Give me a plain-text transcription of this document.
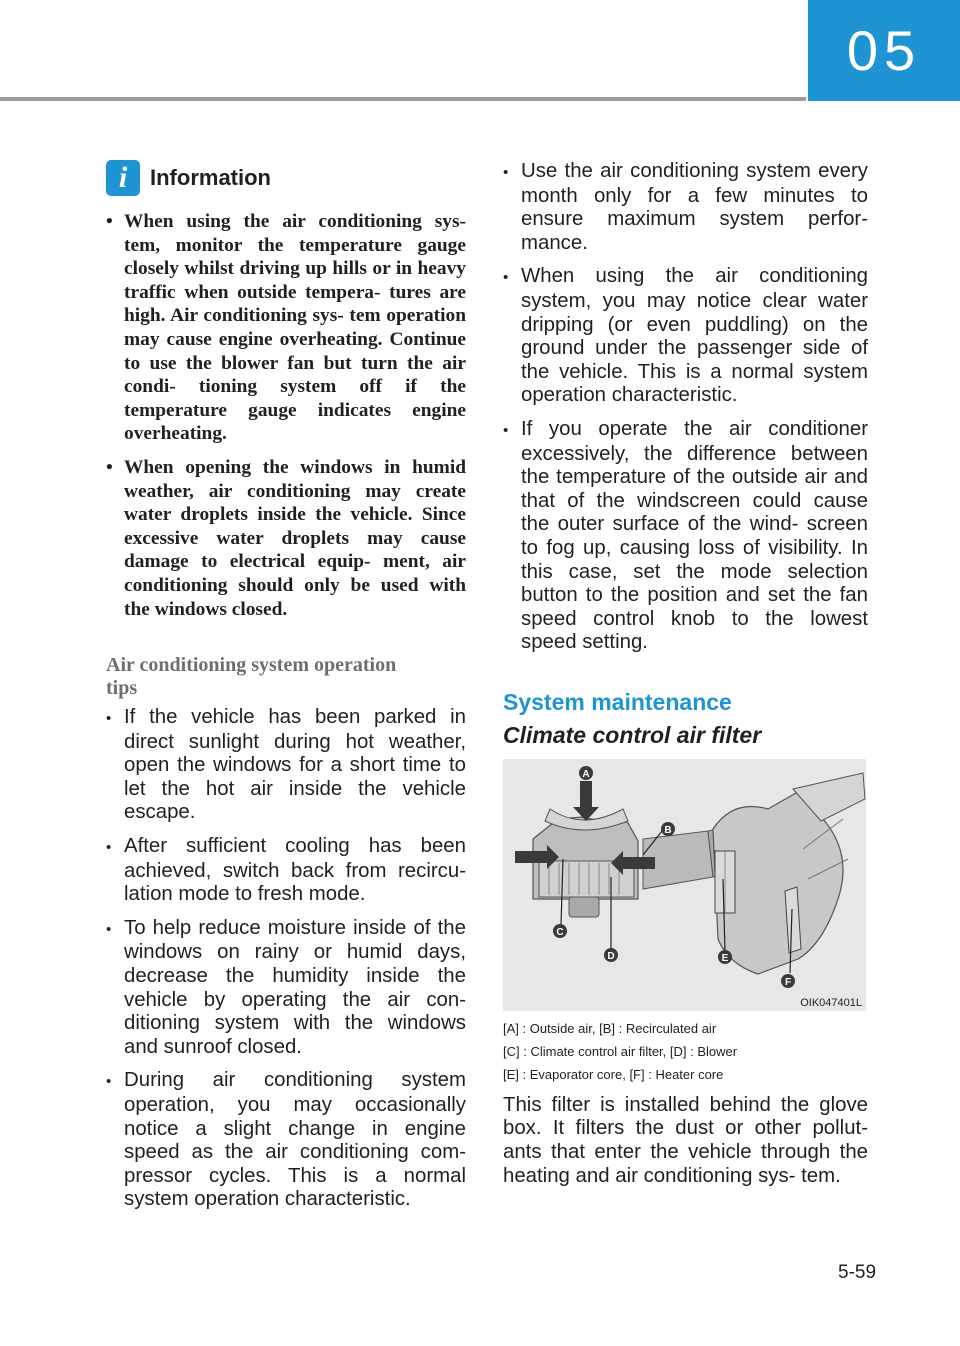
05
i	Information
• When using the air conditioning sys- tem, monitor the temperature gauge closely whilst driving up hills or in heavy traffic when outside tempera- tures are high. Air conditioning sys- tem operation may cause engine overheating. Continue to use the blower fan but turn the air condi- tioning system off if the temperature gauge indicates engine overheating.
• When opening the windows in humid weather, air conditioning may create water droplets inside the vehicle. Since excessive water droplets may cause damage to electrical equip- ment, air conditioning should only be used with the windows closed.
Air conditioning system operation
tips
• If the vehicle has been parked in direct sunlight during hot weather, open the windows for a short time to let the hot air inside the vehicle escape.
• After sufficient cooling has been achieved, switch back from recircu- lation mode to fresh mode.
• To help reduce moisture inside of the windows on rainy or humid days, decrease the humidity inside the vehicle by operating the air con- ditioning system with the windows and sunroof closed.
• During air conditioning system operation, you may occasionally notice a slight change in engine speed as the air conditioning com- pressor cycles. This is a normal system operation characteristic.
• Use the air conditioning system every month only for a few minutes to ensure maximum system perfor- mance.
• When using the air conditioning system, you may notice clear water dripping (or even puddling) on the ground under the passenger side of the vehicle. This is a normal system operation characteristic.
• If you operate the air conditioner excessively, the difference between the temperature of the outside air and that of the windscreen could cause the outer surface of the wind- screen to fog up, causing loss of visibility. In this case, set the mode selection button to the position and set the fan speed control knob to the lowest speed setting.
System maintenance
Climate control air filter
A
B
C
D	E
F
OIK047401L
[A] : Outside air, [B] : Recirculated air
[C] : Climate control air filter, [D] : Blower
[E] : Evaporator core, [F] : Heater core
This filter is installed behind the glove box. It filters the dust or other pollut- ants that enter the vehicle through the heating and air conditioning sys- tem.
5-59
